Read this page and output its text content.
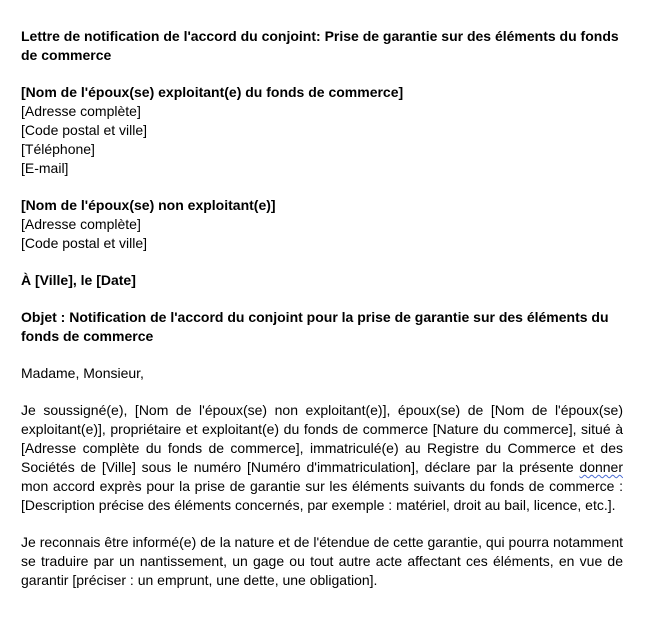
Lettre de notification de l'accord du conjoint: Prise de garantie sur des éléments du fonds de commerce
[Nom de l'époux(se) exploitant(e) du fonds de commerce]
[Adresse complète]
[Code postal et ville]
[Téléphone]
[E-mail]
[Nom de l'époux(se) non exploitant(e)]
[Adresse complète]
[Code postal et ville]
À [Ville], le [Date]
Objet : Notification de l'accord du conjoint pour la prise de garantie sur des éléments du fonds de commerce
Madame, Monsieur,
Je soussigné(e), [Nom de l'époux(se) non exploitant(e)], époux(se) de [Nom de l'époux(se) exploitant(e)], propriétaire et exploitant(e) du fonds de commerce [Nature du commerce], situé à [Adresse complète du fonds de commerce], immatriculé(e) au Registre du Commerce et des Sociétés de [Ville] sous le numéro [Numéro d'immatriculation], déclare par la présente donner mon accord exprès pour la prise de garantie sur les éléments suivants du fonds de commerce : [Description précise des éléments concernés, par exemple : matériel, droit au bail, licence, etc.].
Je reconnais être informé(e) de la nature et de l'étendue de cette garantie, qui pourra notamment se traduire par un nantissement, un gage ou tout autre acte affectant ces éléments, en vue de garantir [préciser : un emprunt, une dette, une obligation].
